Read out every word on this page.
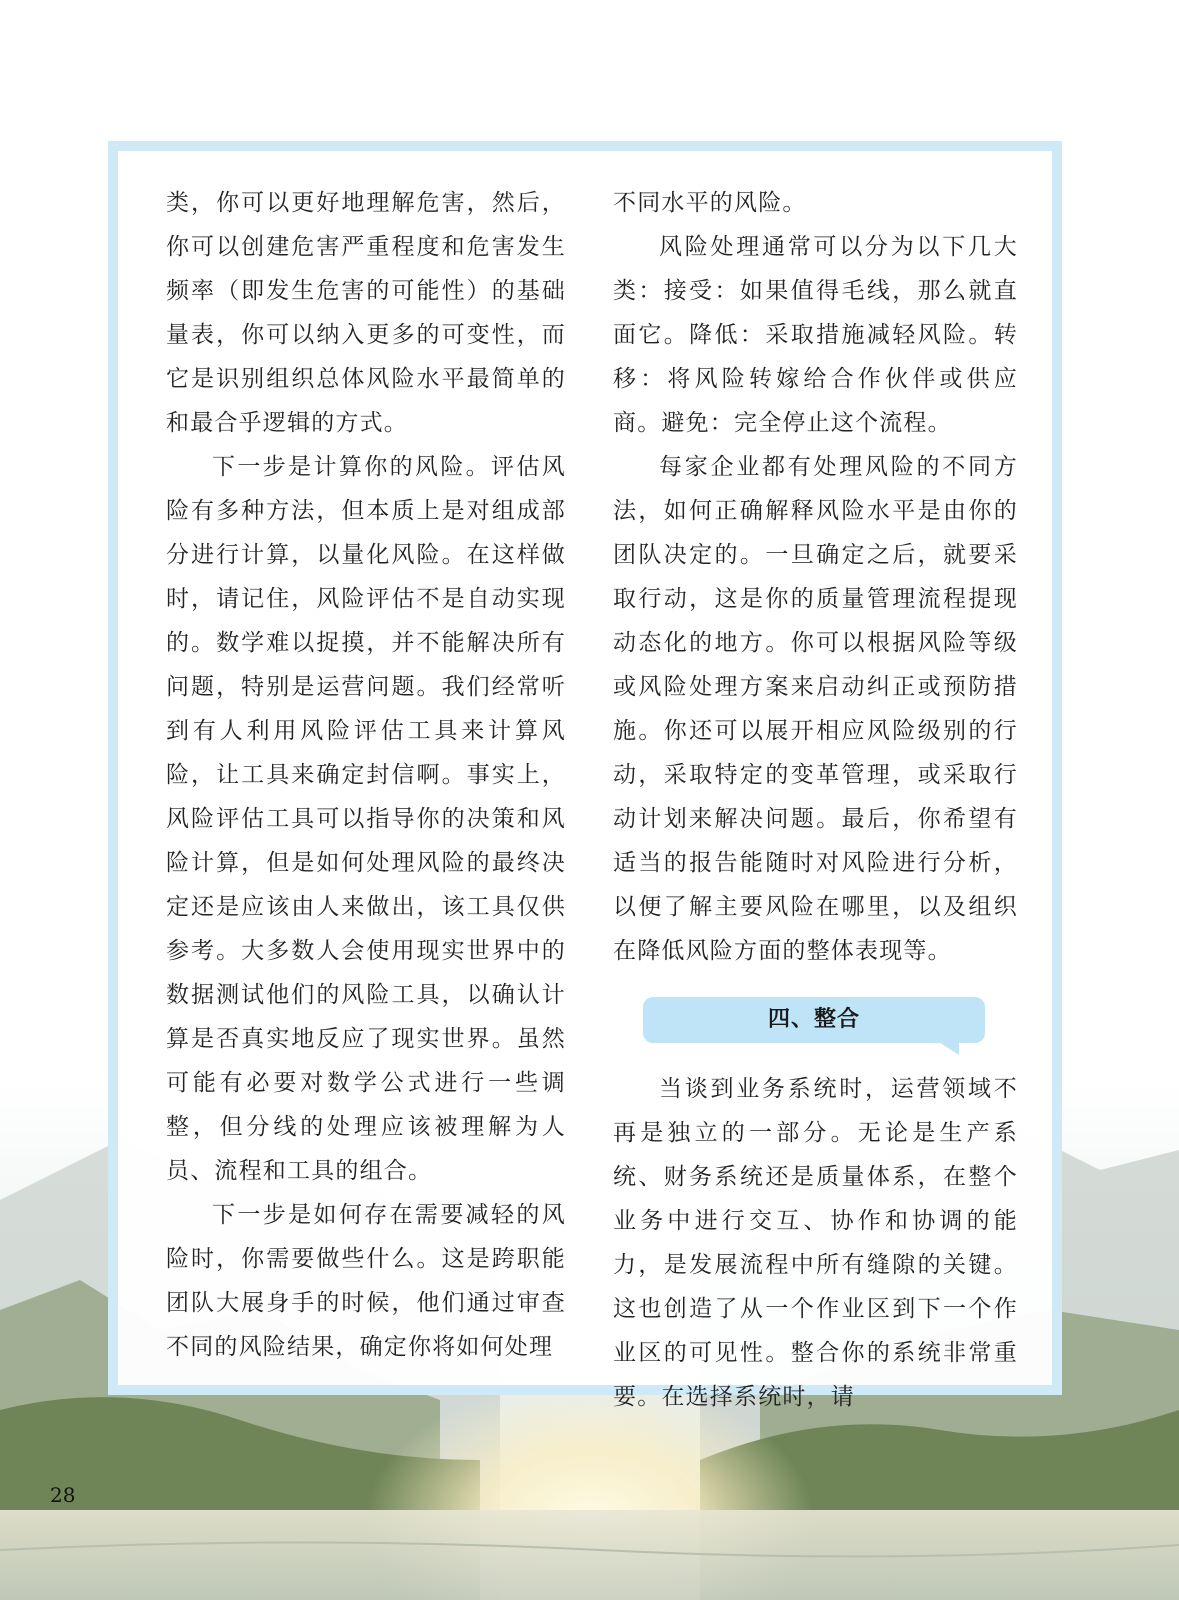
类，你可以更好地理解危害，然后，你可以创建危害严重程度和危害发生频率（即发生危害的可能性）的基础量表，你可以纳入更多的可变性，而它是识别组织总体风险水平最简单的和最合乎逻辑的方式。

下一步是计算你的风险。评估风险有多种方法，但本质上是对组成部分进行计算，以量化风险。在这样做时，请记住，风险评估不是自动实现的。数学难以捉摸，并不能解决所有问题，特别是运营问题。我们经常听到有人利用风险评估工具来计算风险，让工具来确定封信啊。事实上，风险评估工具可以指导你的决策和风险计算，但是如何处理风险的最终决定还是应该由人来做出，该工具仅供参考。大多数人会使用现实世界中的数据测试他们的风险工具，以确认计算是否真实地反应了现实世界。虽然可能有必要对数学公式进行一些调整，但分线的处理应该被理解为人员、流程和工具的组合。

下一步是如何存在需要减轻的风险时，你需要做些什么。这是跨职能团队大展身手的时候，他们通过审查不同的风险结果，确定你将如何处理

不同水平的风险。

风险处理通常可以分为以下几大类：接受：如果值得毛线，那么就直面它。降低：采取措施减轻风险。转移：将风险转嫁给合作伙伴或供应商。避免：完全停止这个流程。

每家企业都有处理风险的不同方法，如何正确解释风险水平是由你的团队决定的。一旦确定之后，就要采取行动，这是你的质量管理流程提现动态化的地方。你可以根据风险等级或风险处理方案来启动纠正或预防措施。你还可以展开相应风险级别的行动，采取特定的变革管理，或采取行动计划来解决问题。最后，你希望有适当的报告能随时对风险进行分析，以便了解主要风险在哪里，以及组织在降低风险方面的整体表现等。

四、整合

当谈到业务系统时，运营领域不再是独立的一部分。无论是生产系统、财务系统还是质量体系，在整个业务中进行交互、协作和协调的能力，是发展流程中所有缝隙的关键。这也创造了从一个作业区到下一个作业区的可见性。整合你的系统非常重要。在选择系统时，请

28
